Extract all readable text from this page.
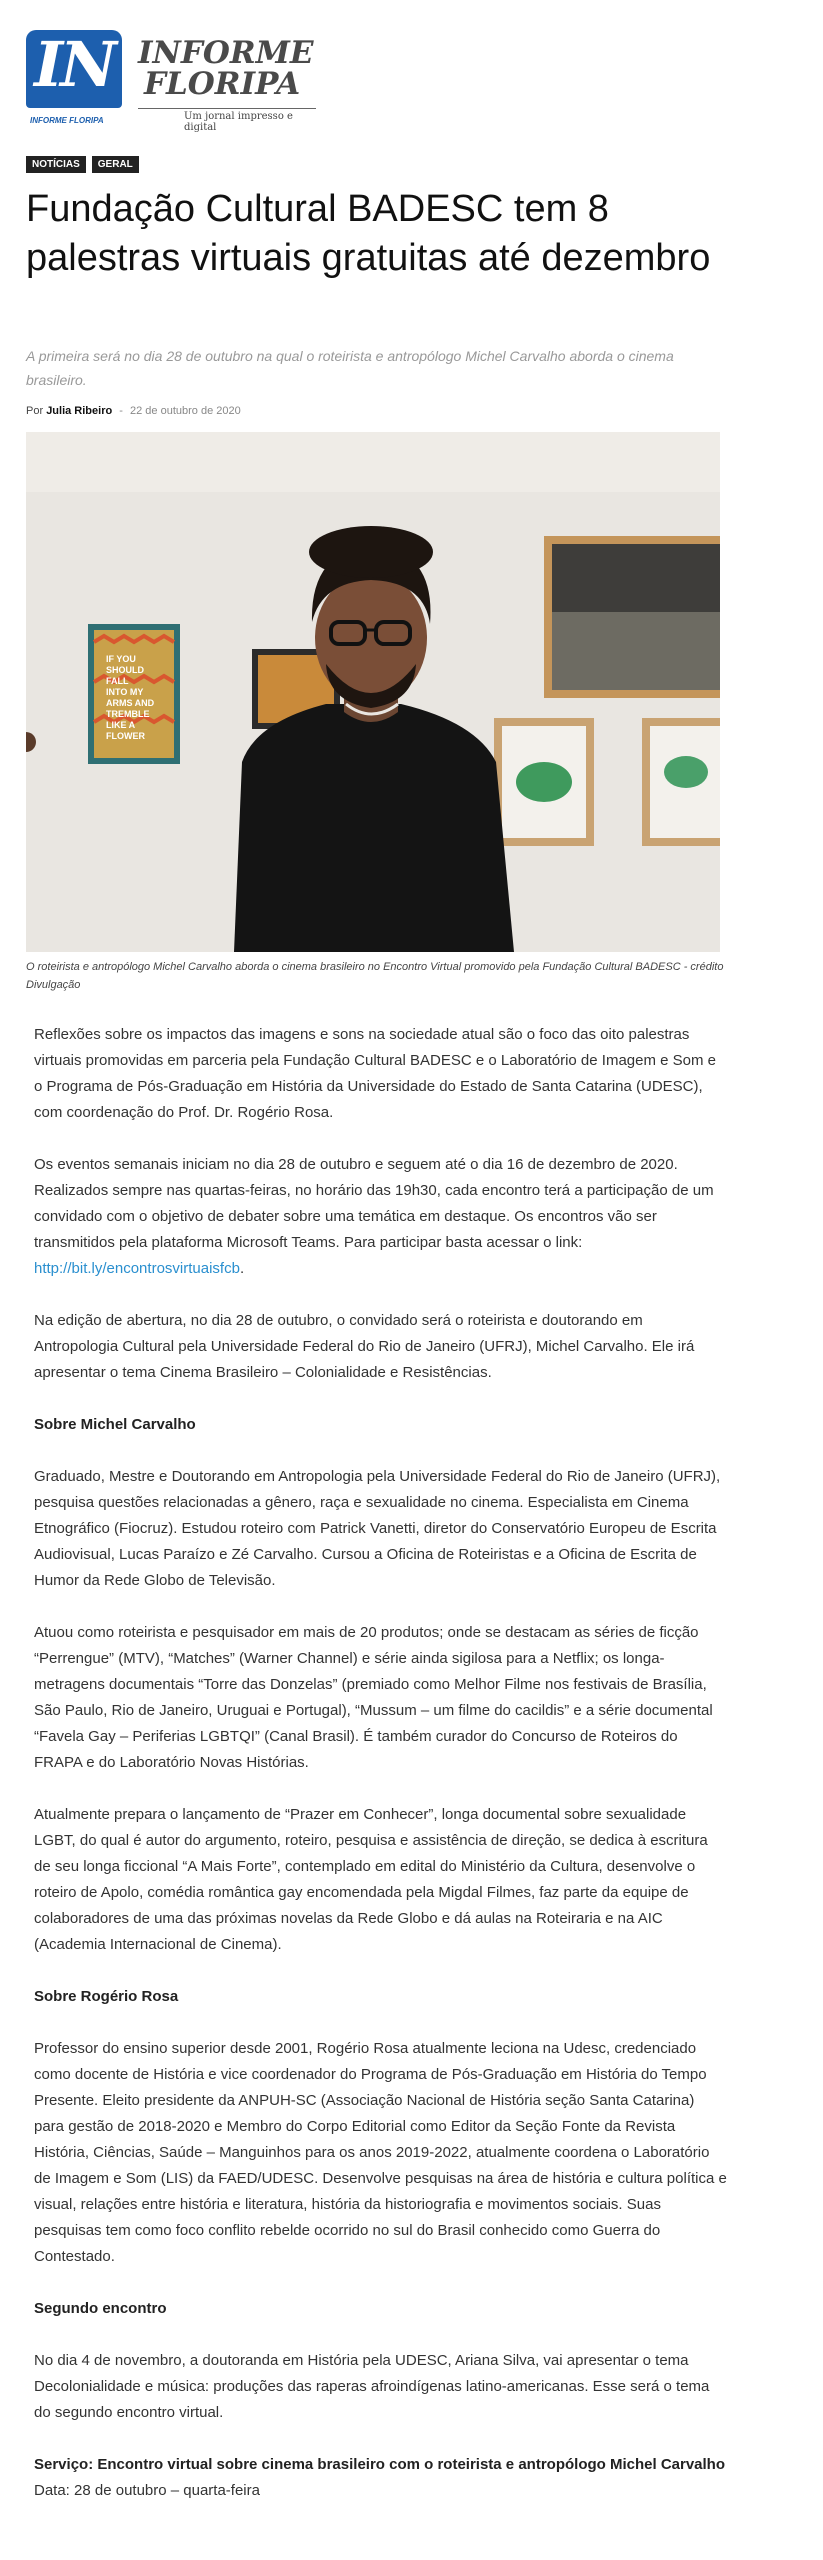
IN
INFORME FLORIPA
INFORME
FLORIPA
Um jornal impresso e digital
NOTÍCIAS	GERAL
Fundação Cultural BADESC tem 8 palestras virtuais gratuitas até dezembro

A primeira será no dia 28 de outubro na qual o roteirista e antropólogo Michel Carvalho aborda o cinema brasileiro.

Por Julia Ribeiro - 22 de outubro de 2020
IF YOU SHOULD FALL INTO MY ARMS AND TREMBLE LIKE A FLOWER

O roteirista e antropólogo Michel Carvalho aborda o cinema brasileiro no Encontro Virtual promovido pela Fundação Cultural BADESC - crédito Divulgação

Reflexões sobre os impactos das imagens e sons na sociedade atual são o foco das oito palestras virtuais promovidas em parceria pela Fundação Cultural BADESC e o Laboratório de Imagem e Som e o Programa de Pós-Graduação em História da Universidade do Estado de Santa Catarina (UDESC), com coordenação do Prof. Dr. Rogério Rosa.

Os eventos semanais iniciam no dia 28 de outubro e seguem até o dia 16 de dezembro de 2020. Realizados sempre nas quartas-feiras, no horário das 19h30, cada encontro terá a participação de um convidado com o objetivo de debater sobre uma temática em destaque. Os encontros vão ser transmitidos pela plataforma Microsoft Teams. Para participar basta acessar o link: http://bit.ly/encontrosvirtuaisfcb.

Na edição de abertura, no dia 28 de outubro, o convidado será o roteirista e doutorando em Antropologia Cultural pela Universidade Federal do Rio de Janeiro (UFRJ), Michel Carvalho. Ele irá apresentar o tema Cinema Brasileiro – Colonialidade e Resistências.

Sobre Michel Carvalho

Graduado, Mestre e Doutorando em Antropologia pela Universidade Federal do Rio de Janeiro (UFRJ), pesquisa questões relacionadas a gênero, raça e sexualidade no cinema. Especialista em Cinema Etnográfico (Fiocruz). Estudou roteiro com Patrick Vanetti, diretor do Conservatório Europeu de Escrita Audiovisual, Lucas Paraízo e Zé Carvalho. Cursou a Oficina de Roteiristas e a Oficina de Escrita de Humor da Rede Globo de Televisão.

Atuou como roteirista e pesquisador em mais de 20 produtos; onde se destacam as séries de ficção “Perrengue” (MTV), “Matches” (Warner Channel) e série ainda sigilosa para a Netflix; os longa-metragens documentais “Torre das Donzelas” (premiado como Melhor Filme nos festivais de Brasília, São Paulo, Rio de Janeiro, Uruguai e Portugal), “Mussum – um filme do cacildis” e a série documental “Favela Gay – Periferias LGBTQI” (Canal Brasil). É também curador do Concurso de Roteiros do FRAPA e do Laboratório Novas Histórias.

Atualmente prepara o lançamento de “Prazer em Conhecer”, longa documental sobre sexualidade LGBT, do qual é autor do argumento, roteiro, pesquisa e assistência de direção, se dedica à escritura de seu longa ficcional “A Mais Forte”, contemplado em edital do Ministério da Cultura, desenvolve o roteiro de Apolo, comédia romântica gay encomendada pela Migdal Filmes, faz parte da equipe de colaboradores de uma das próximas novelas da Rede Globo e dá aulas na Roteiraria e na AIC (Academia Internacional de Cinema).

Sobre Rogério Rosa

Professor do ensino superior desde 2001, Rogério Rosa atualmente leciona na Udesc, credenciado como docente de História e vice coordenador do Programa de Pós-Graduação em História do Tempo Presente. Eleito presidente da ANPUH-SC (Associação Nacional de História seção Santa Catarina) para gestão de 2018-2020 e Membro do Corpo Editorial como Editor da Seção Fonte da Revista História, Ciências, Saúde – Manguinhos para os anos 2019-2022, atualmente coordena o Laboratório de Imagem e Som (LIS) da FAED/UDESC. Desenvolve pesquisas na área de história e cultura política e visual, relações entre história e literatura, história da historiografia e movimentos sociais. Suas pesquisas tem como foco conflito rebelde ocorrido no sul do Brasil conhecido como Guerra do Contestado.

Segundo encontro

No dia 4 de novembro, a doutoranda em História pela UDESC, Ariana Silva, vai apresentar o tema Decolonialidade e música: produções das raperas afroindígenas latino-americanas. Esse será o tema do segundo encontro virtual.

Serviço: Encontro virtual sobre cinema brasileiro com o roteirista e antropólogo Michel Carvalho

Data: 28 de outubro – quarta-feira
